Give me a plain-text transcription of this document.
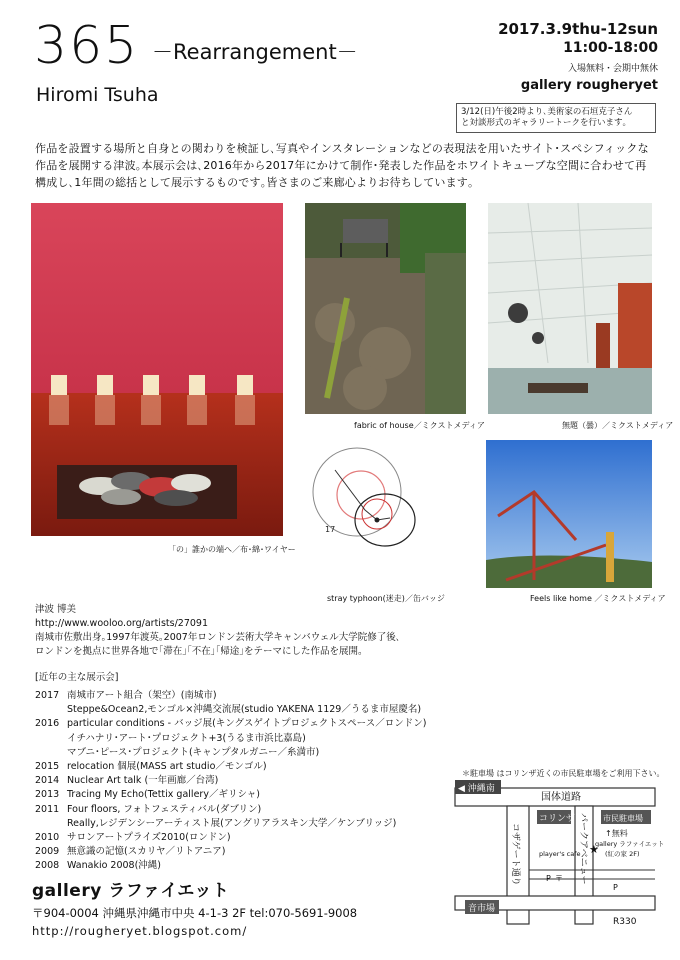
365 －Rearrangement－
Hiromi Tsuha
2017.3.9thu-12sun
11:00-18:00
入場無料・会期中無休
gallery rougheryet
3/12(日)午後2時より､美術家の石垣克子さん
と対談形式のギャラリートークを行います｡
作品を設置する場所と自身との関わりを検証し､写真やインスタレーションなどの表現法を用いたサイト･スペシフィックな
作品を展開する津波｡本展示会は､2016年から2017年にかけて制作･発表した作品をホワイトキューブな空間に合わせて再
構成し､1年間の総括として展示するものです｡皆さまのご来廊心よりお待ちしています｡
「の」誰かの端へ／布･綿･ワイヤー
fabric of house／ミクストメディア	無題（曇）／ミクストメディア
17
stray typhoon(迷走)／缶バッジ	Feels like home ／ミクストメディア
津波 博美
http://www.wooloo.org/artists/27091
南城市佐敷出身｡1997年渡英｡2007年ロンドン芸術大学キャンバウェル大学院修了後､
ロンドンを拠点に世界各地で｢滞在｣｢不在｣｢帰途｣をテーマにした作品を展開｡
[近年の主な展示会]
2017 南城市アート組合（架空）(南城市)
Steppe&Ocean2,モンゴル×沖縄交流展(studio YAKENA 1129／うるま市屋慶名)
2016 particular conditions - バッジ展(キングスゲイトプロジェクトスペース／ロンドン)
イチハナリ･アート･プロジェクト+3(うるま市浜比嘉島)
マブニ･ピース･プロジェクト(キャンプタルガニー／糸満市)
2015 relocation 個展(MASS art studio／モンゴル)
2014 Nuclear Art talk (一年画廊／台湾)
2013 Tracing My Echo(Tettix gallery／ギリシャ)
2011 Four floors, フォトフェスティバル(ダブリン)
Really,レジデンシーアーティスト展(アングリアラスキン大学／ケンブリッジ)
2010 サロンアートプライズ2010(ロンドン)
2009 無意識の記憶(スカリヤ／リトアニア)
2008 Wanakio 2008(沖縄)
gallery ラファイエット
〒904-0004 沖縄県沖縄市中央 4-1-3 2F tel:070-5691-9008
http://rougheryet.blogspot.com/
＊駐車場 はコリンザ近くの市民駐車場をご利用下さい｡
◀ 沖縄南
国体道路
コリンザ	市民駐車場
↑無料
gallery ラファイエット
(紅の家 2F)
★
player's cafe
〒
P
P
コザゲート通り	パークアベニュー
音市場
R330
